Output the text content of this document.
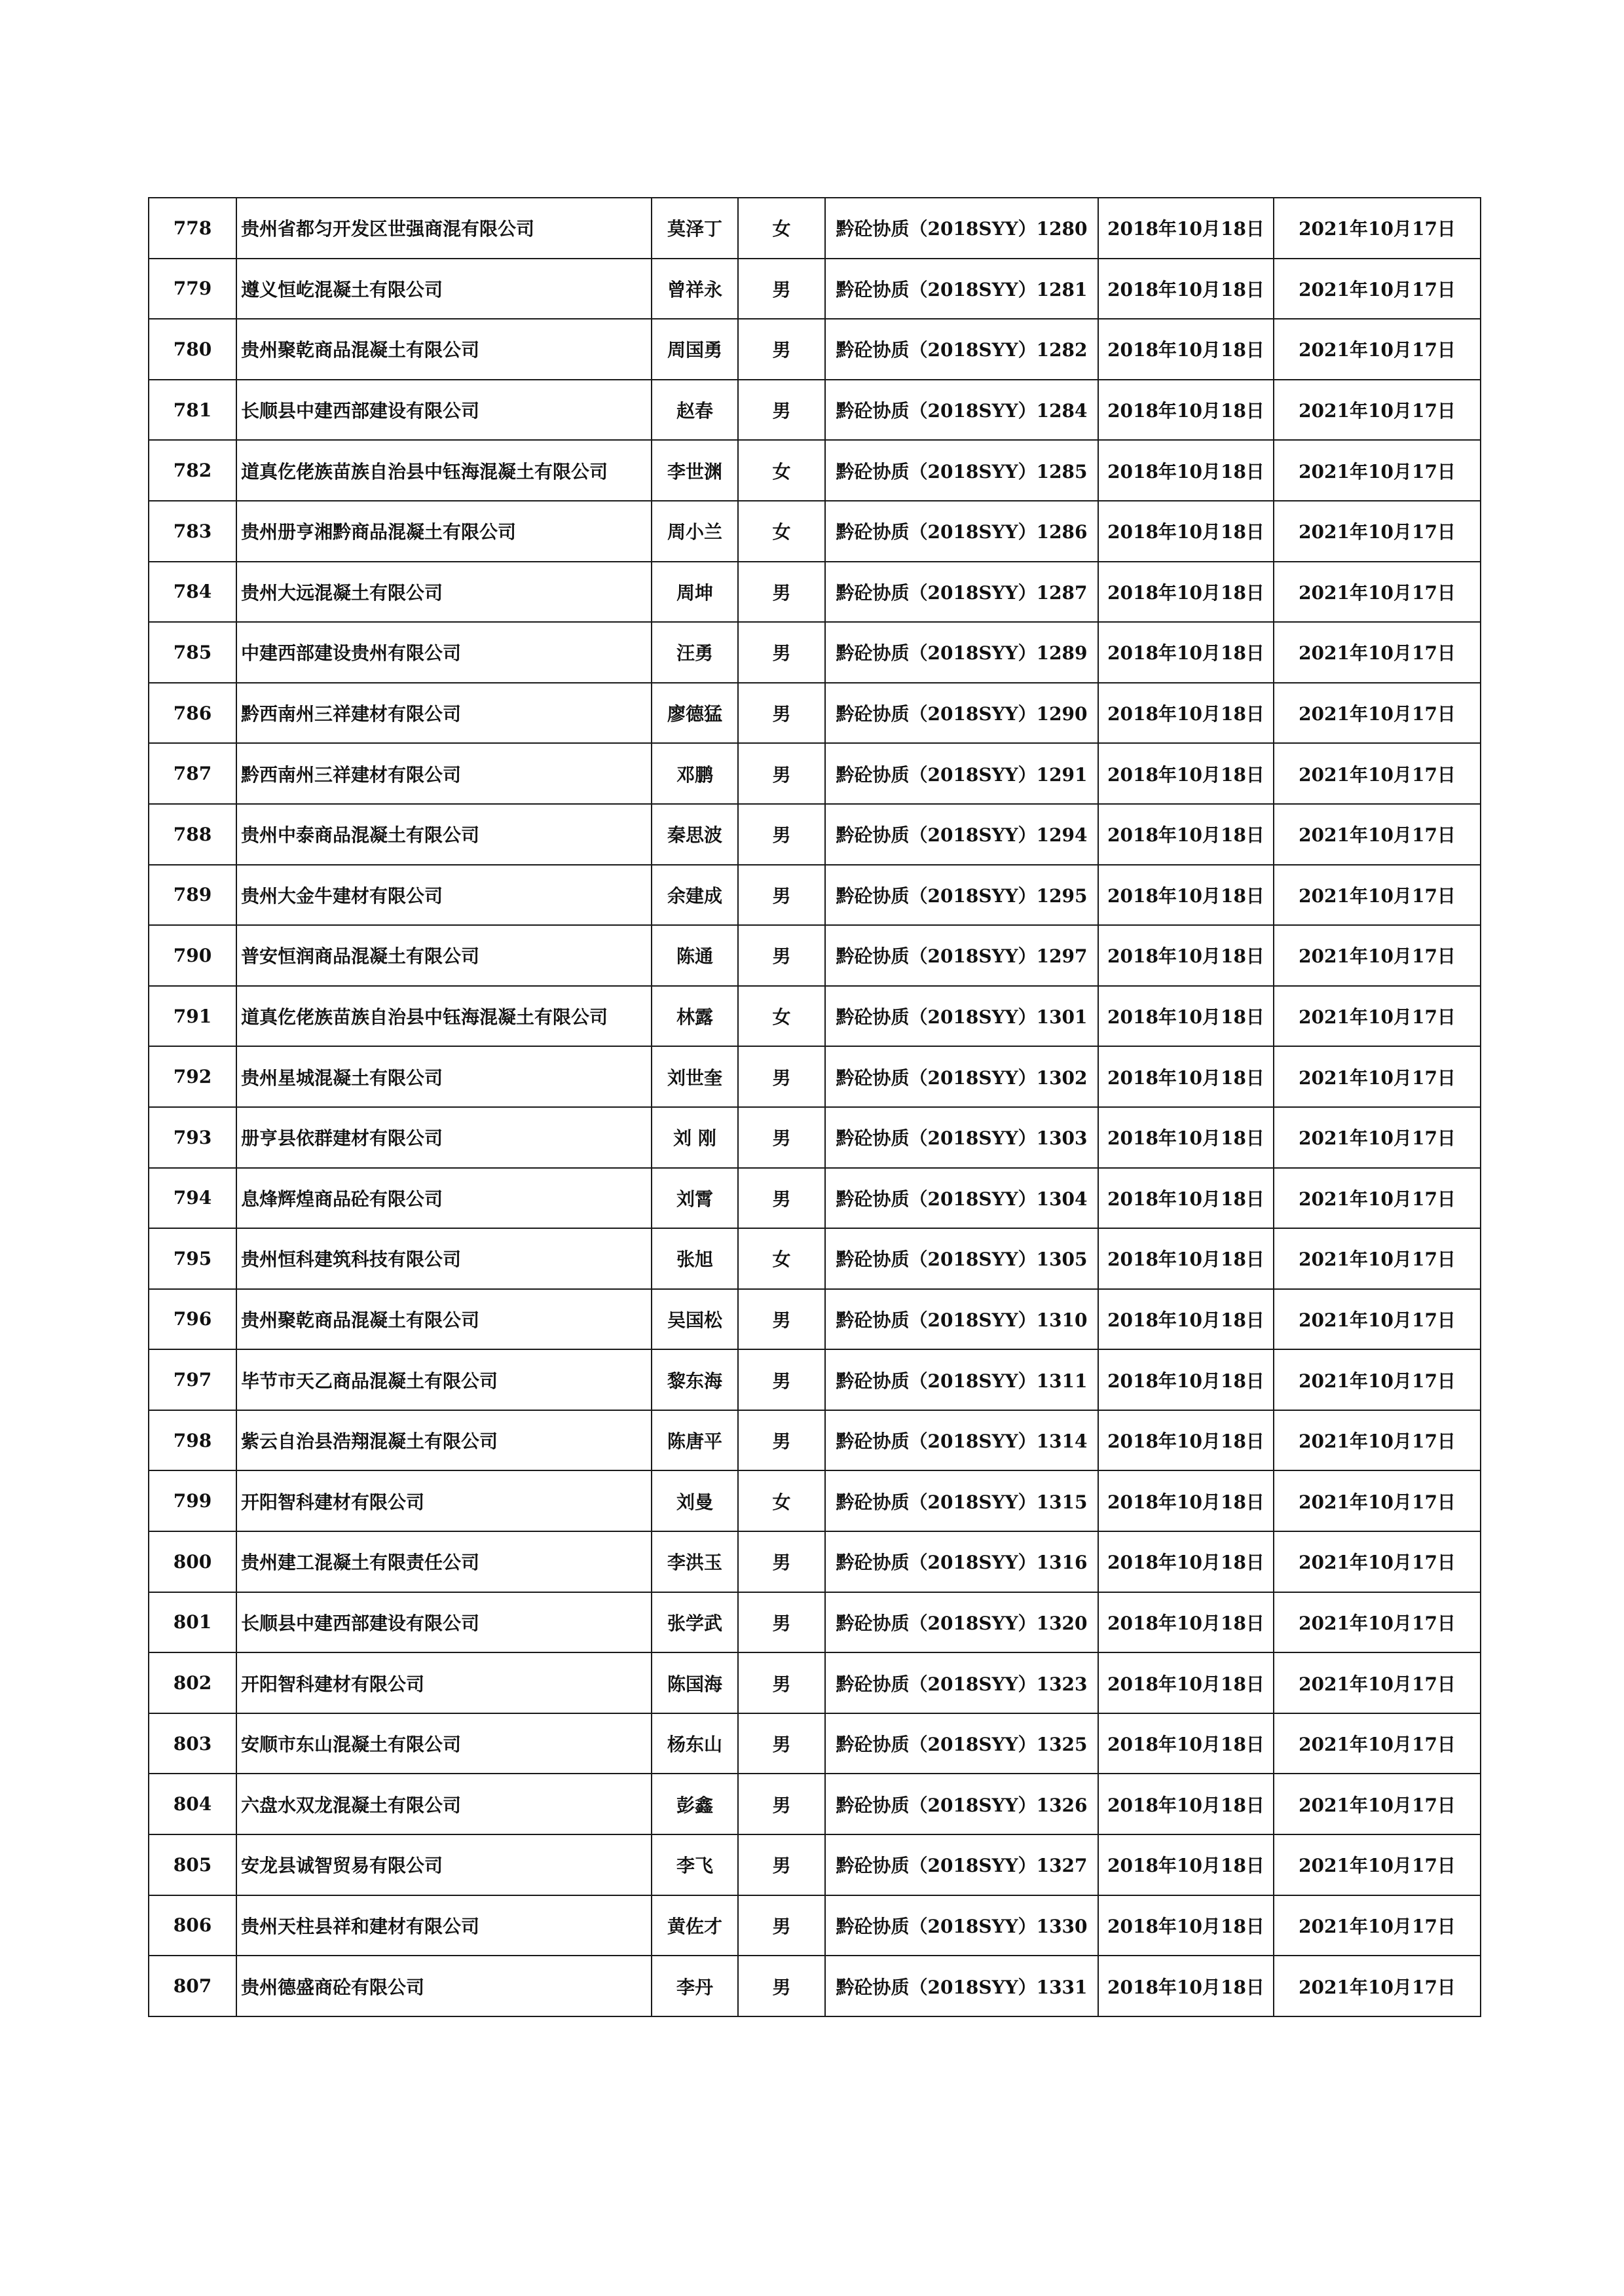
778	贵州省都匀开发区世强商混有限公司	莫泽丁	女	黔砼协质（2018SYY）1280	2018年10月18日	2021年10月17日
779	遵义恒屹混凝土有限公司	曾祥永	男	黔砼协质（2018SYY）1281	2018年10月18日	2021年10月17日
780	贵州聚乾商品混凝土有限公司	周国勇	男	黔砼协质（2018SYY）1282	2018年10月18日	2021年10月17日
781	长顺县中建西部建设有限公司	赵春	男	黔砼协质（2018SYY）1284	2018年10月18日	2021年10月17日
782	道真仡佬族苗族自治县中钰海混凝土有限公司	李世渊	女	黔砼协质（2018SYY）1285	2018年10月18日	2021年10月17日
783	贵州册亨湘黔商品混凝土有限公司	周小兰	女	黔砼协质（2018SYY）1286	2018年10月18日	2021年10月17日
784	贵州大远混凝土有限公司	周坤	男	黔砼协质（2018SYY）1287	2018年10月18日	2021年10月17日
785	中建西部建设贵州有限公司	汪勇	男	黔砼协质（2018SYY）1289	2018年10月18日	2021年10月17日
786	黔西南州三祥建材有限公司	廖德猛	男	黔砼协质（2018SYY）1290	2018年10月18日	2021年10月17日
787	黔西南州三祥建材有限公司	邓鹏	男	黔砼协质（2018SYY）1291	2018年10月18日	2021年10月17日
788	贵州中泰商品混凝土有限公司	秦思波	男	黔砼协质（2018SYY）1294	2018年10月18日	2021年10月17日
789	贵州大金牛建材有限公司	余建成	男	黔砼协质（2018SYY）1295	2018年10月18日	2021年10月17日
790	普安恒润商品混凝土有限公司	陈通	男	黔砼协质（2018SYY）1297	2018年10月18日	2021年10月17日
791	道真仡佬族苗族自治县中钰海混凝土有限公司	林露	女	黔砼协质（2018SYY）1301	2018年10月18日	2021年10月17日
792	贵州星城混凝土有限公司	刘世奎	男	黔砼协质（2018SYY）1302	2018年10月18日	2021年10月17日
793	册亨县依群建材有限公司	刘 刚	男	黔砼协质（2018SYY）1303	2018年10月18日	2021年10月17日
794	息烽辉煌商品砼有限公司	刘霄	男	黔砼协质（2018SYY）1304	2018年10月18日	2021年10月17日
795	贵州恒科建筑科技有限公司	张旭	女	黔砼协质（2018SYY）1305	2018年10月18日	2021年10月17日
796	贵州聚乾商品混凝土有限公司	吴国松	男	黔砼协质（2018SYY）1310	2018年10月18日	2021年10月17日
797	毕节市天乙商品混凝土有限公司	黎东海	男	黔砼协质（2018SYY）1311	2018年10月18日	2021年10月17日
798	紫云自治县浩翔混凝土有限公司	陈唐平	男	黔砼协质（2018SYY）1314	2018年10月18日	2021年10月17日
799	开阳智科建材有限公司	刘曼	女	黔砼协质（2018SYY）1315	2018年10月18日	2021年10月17日
800	贵州建工混凝土有限责任公司	李洪玉	男	黔砼协质（2018SYY）1316	2018年10月18日	2021年10月17日
801	长顺县中建西部建设有限公司	张学武	男	黔砼协质（2018SYY）1320	2018年10月18日	2021年10月17日
802	开阳智科建材有限公司	陈国海	男	黔砼协质（2018SYY）1323	2018年10月18日	2021年10月17日
803	安顺市东山混凝土有限公司	杨东山	男	黔砼协质（2018SYY）1325	2018年10月18日	2021年10月17日
804	六盘水双龙混凝土有限公司	彭鑫	男	黔砼协质（2018SYY）1326	2018年10月18日	2021年10月17日
805	安龙县诚智贸易有限公司	李飞	男	黔砼协质（2018SYY）1327	2018年10月18日	2021年10月17日
806	贵州天柱县祥和建材有限公司	黄佐才	男	黔砼协质（2018SYY）1330	2018年10月18日	2021年10月17日
807	贵州德盛商砼有限公司	李丹	男	黔砼协质（2018SYY）1331	2018年10月18日	2021年10月17日
